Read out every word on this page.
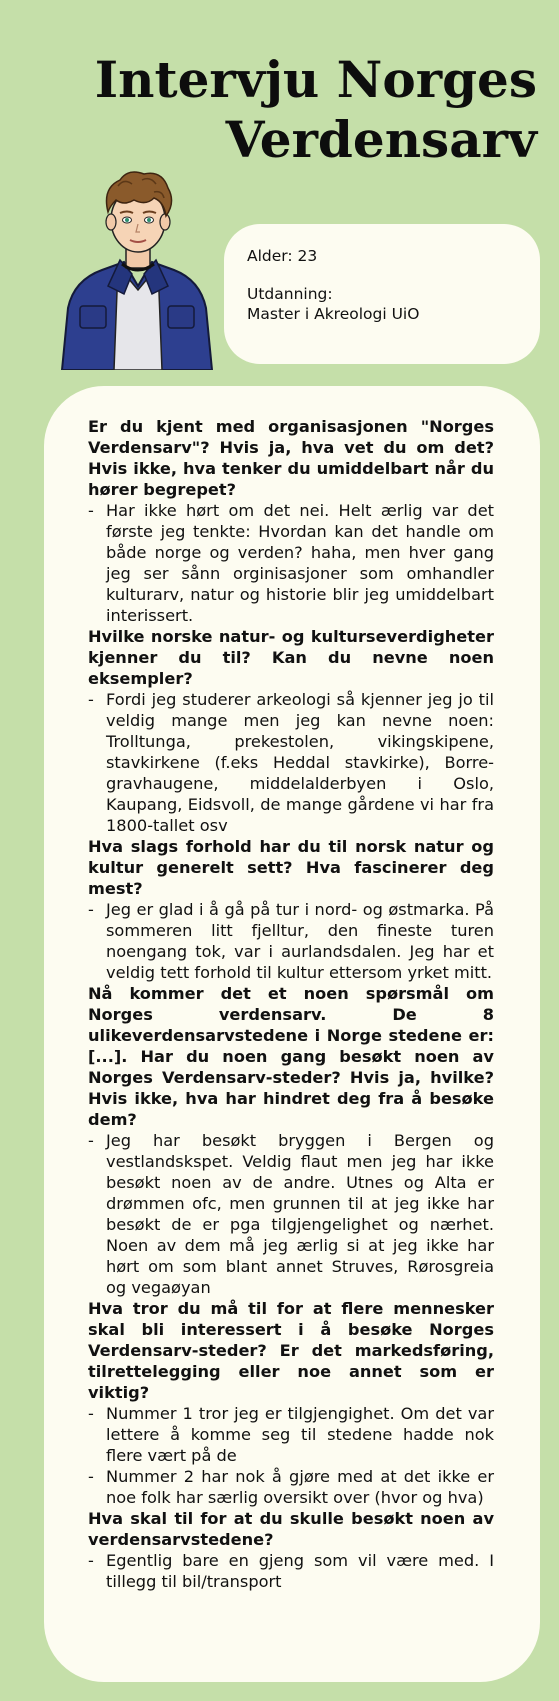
Intervju Norges
Verdensarv
Alder: 23
Utdanning:
Master i Akreologi UiO

Er du kjent med organisasjonen "Norges Verdensarv"? Hvis ja, hva vet du om det? Hvis ikke, hva tenker du umiddelbart når du hører begrepet?

- Har ikke hørt om det nei. Helt ærlig var det første jeg tenkte: Hvordan kan det handle om både norge og verden? haha, men hver gang jeg ser sånn orginisasjoner som omhandler kulturarv, natur og historie blir jeg umiddelbart interissert.

Hvilke norske natur- og kulturseverdigheter kjenner du til? Kan du nevne noen eksempler?

- Fordi jeg studerer arkeologi så kjenner jeg jo til veldig mange men jeg kan nevne noen: Trolltunga, prekestolen, vikingskipene, stavkirkene (f.eks Heddal stavkirke), Borre-gravhaugene, middelalderbyen i Oslo, Kaupang, Eidsvoll, de mange gårdene vi har fra 1800-tallet osv

Hva slags forhold har du til norsk natur og kultur generelt sett? Hva fascinerer deg mest?

- Jeg er glad i å gå på tur i nord- og østmarka. På sommeren litt fjelltur, den fineste turen noengang tok, var i aurlandsdalen. Jeg har et veldig tett forhold til kultur ettersom yrket mitt.

Nå kommer det et noen spørsmål om Norges verdensarv. De 8 ulikeverdensarvstedene i Norge stedene er: [...]. Har du noen gang besøkt noen av Norges Verdensarv-steder? Hvis ja, hvilke? Hvis ikke, hva har hindret deg fra å besøke dem?

- Jeg har besøkt bryggen i Bergen og vestlandskspet. Veldig flaut men jeg har ikke besøkt noen av de andre. Utnes og Alta er drømmen ofc, men grunnen til at jeg ikke har besøkt de er pga tilgjengelighet og nærhet. Noen av dem må jeg ærlig si at jeg ikke har hørt om som blant annet Struves, Rørosgreia og vegaøyan

Hva tror du må til for at flere mennesker skal bli interessert i å besøke Norges Verdensarv-steder? Er det markedsføring, tilrettelegging eller noe annet som er viktig?

- Nummer 1 tror jeg er tilgjengighet. Om det var lettere å komme seg til stedene hadde nok flere vært på de
- Nummer 2 har nok å gjøre med at det ikke er noe folk har særlig oversikt over (hvor og hva)

Hva skal til for at du skulle besøkt noen av verdensarvstedene?

- Egentlig bare en gjeng som vil være med. I tillegg til bil/transport
